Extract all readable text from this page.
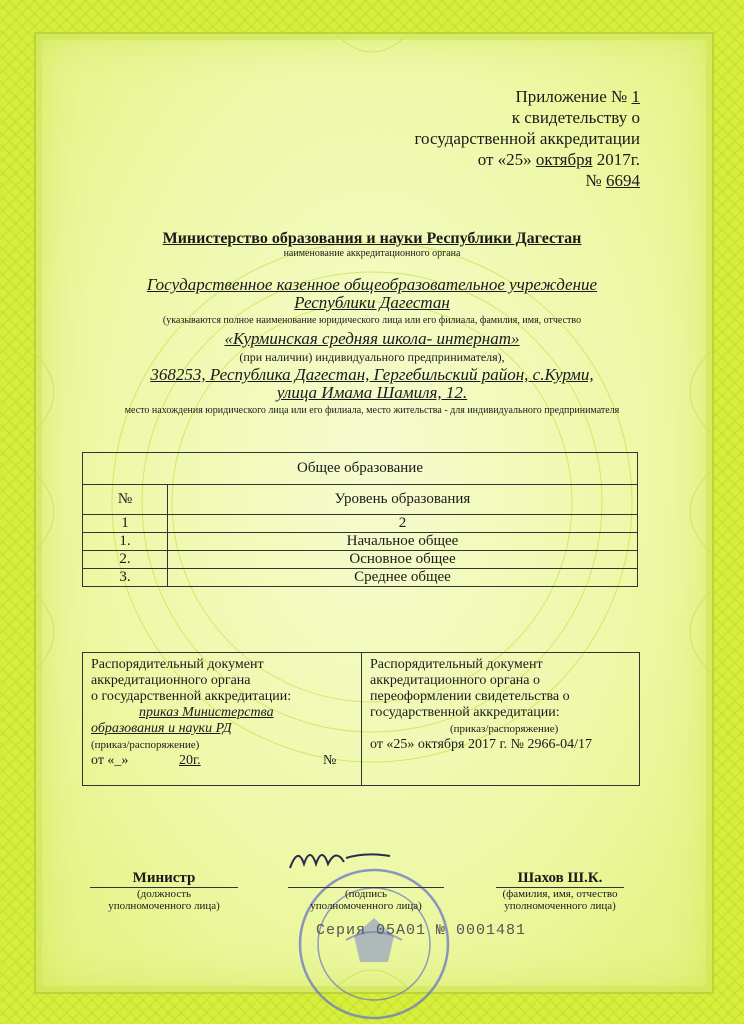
Приложение № 1
к свидетельству о
государственной аккредитации
от «25» октября 2017г.
№ 6694
Министерство образования и науки Республики Дагестан
наименование аккредитационного органа
Государственное казенное общеобразовательное учреждение
Республики Дагестан
(указываются полное наименование юридического лица или его филиала, фамилия, имя, отчество
«Курминская средняя школа- интернат»
(при наличии) индивидуального предпринимателя),
368253, Республика Дагестан, Гергебильский район, с.Курми,
улица Имама Шамиля, 12.
место нахождения юридического лица или его филиала, место жительства - для индивидуального предпринимателя
Общее образование	
№	Уровень образования
1	2
1.	Начальное общее
2.	Основное общее
3.	Среднее общее
Распорядительный документ
аккредитационного органа
о государственной аккредитации:
приказ Министерства
образования и науки РД
(приказ/распоряжение)
от «_»	20г.	№
Распорядительный документ
аккредитационного органа о
переоформлении свидетельства о
государственной аккредитации:
(приказ/распоряжение)
от «25» октября 2017 г. № 2966-04/17
Министр
(должность
уполномоченного лица)
(подпись
уполномоченного лица)
Шахов Ш.К.
(фамилия, имя, отчество
уполномоченного лица)
Серия 05А01 № 0001481
